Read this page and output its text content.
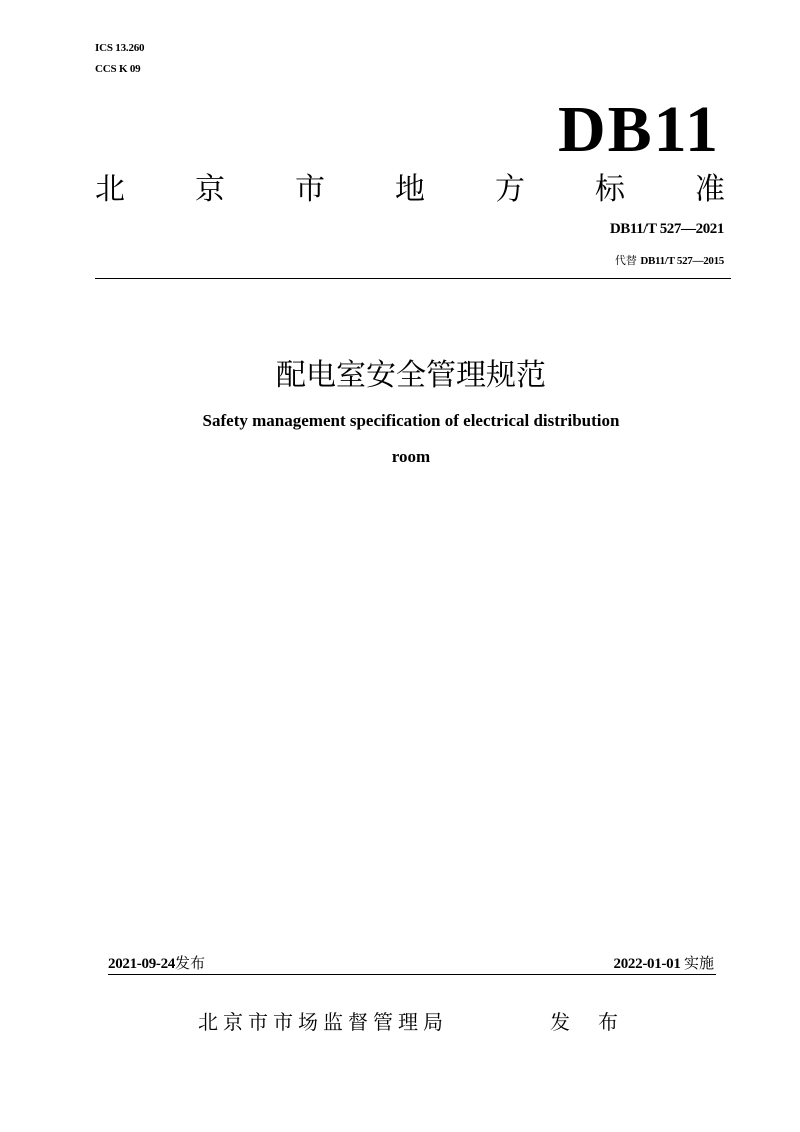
ICS 13.260
CCS K 09
DB11
北 京 市 地 方 标 准
DB11/T 527—2021
代替 DB11/T 527—2015
配电室安全管理规范
Safety management specification of electrical distribution
room
2021-09-24发布	2022-01-01 实施
北京市市场监督管理局	发布
